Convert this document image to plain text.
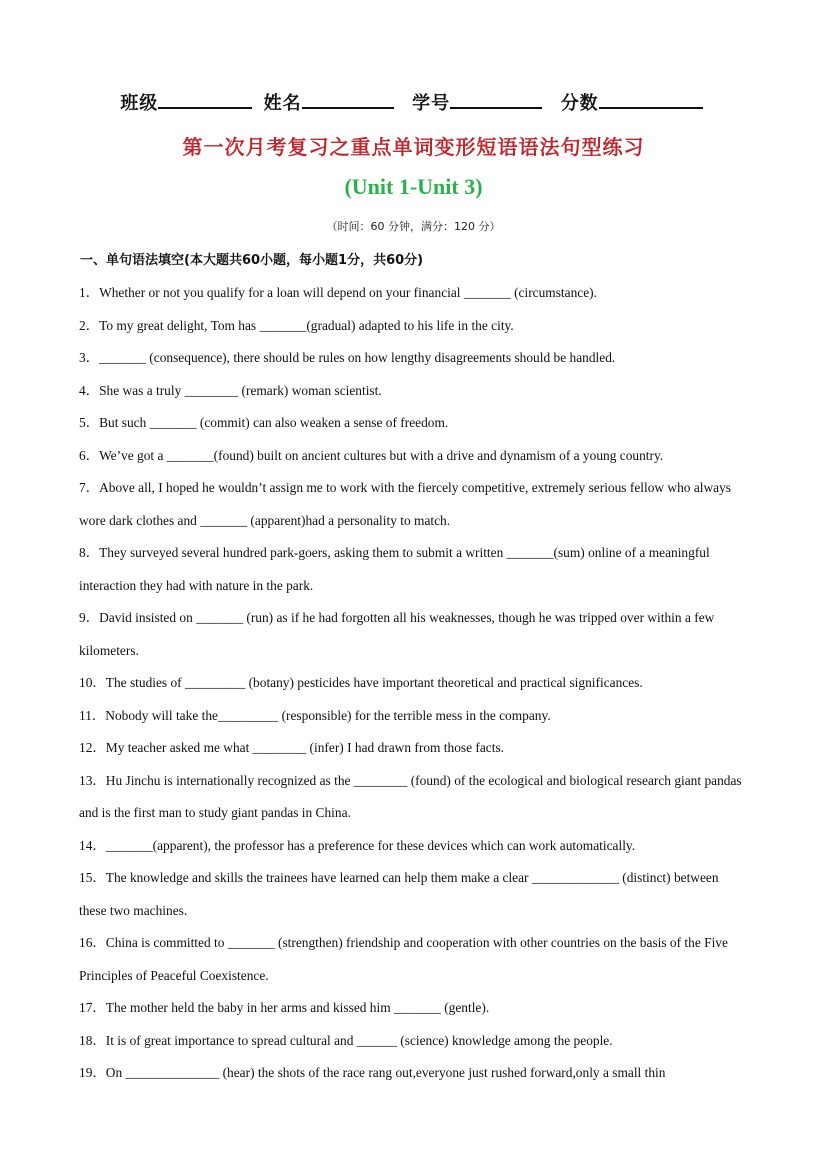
班级	姓名	学号	分数
第一次月考复习之重点单词变形短语语法句型练习
(Unit 1-Unit 3)
（时间：60 分钟，满分：120 分）
一、单句语法填空(本大题共60小题，每小题1分，共60分)

1．Whether or not you qualify for a loan will depend on your financial _______ (circumstance).

2．To my great delight, Tom has _______(gradual) adapted to his life in the city.

3．_______ (consequence), there should be rules on how lengthy disagreements should be handled.

4．She was a truly ________ (remark) woman scientist.

5．But such _______ (commit) can also weaken a sense of freedom.

6．We’ve got a _______(found) built on ancient cultures but with a drive and dynamism of a young country.

7．Above all, I hoped he wouldn’t assign me to work with the fiercely competitive, extremely serious fellow who always wore dark clothes and _______ (apparent)had a personality to match.

8．They surveyed several hundred park-goers, asking them to submit a written _______(sum) online of a meaningful interaction they had with nature in the park.

9．David insisted on _______ (run) as if he had forgotten all his weaknesses, though he was tripped over within a few kilometers.

10．The studies of _________ (botany) pesticides have important theoretical and practical significances.

11．Nobody will take the_________ (responsible) for the terrible mess in the company.

12．My teacher asked me what ________ (infer) I had drawn from those facts.

13．Hu Jinchu is internationally recognized as the ________ (found) of the ecological and biological research giant pandas and is the first man to study giant pandas in China.

14．_______(apparent), the professor has a preference for these devices which can work automatically.

15．The knowledge and skills the trainees have learned can help them make a clear _____________ (distinct) between these two machines.

16．China is committed to _______ (strengthen) friendship and cooperation with other countries on the basis of the Five Principles of Peaceful Coexistence.

17．The mother held the baby in her arms and kissed him _______ (gentle).

18．It is of great importance to spread cultural and ______ (science) knowledge among the people.

19．On ______________ (hear) the shots of the race rang out,everyone just rushed forward,only a small thin
